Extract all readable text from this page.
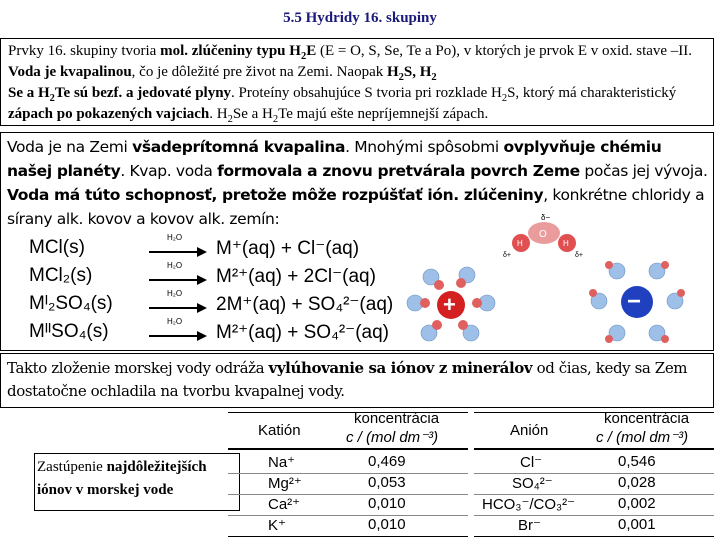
5.5 Hydridy 16. skupiny
Prvky 16. skupiny tvoria mol. zlúčeniny typu $H_2E$ (E = O, S, Se, Te a Po), v ktorých je prvok E v oxid. stave –II. Voda je kvapalinou, čo je dôležité pre život na Zemi. Naopak $H_2S$, $H_2$
Se a $H_2Te$ sú bezf. a jedovaté plyny. Proteíny obsahujúce S tvoria pri rozklade $H_2S$, ktorý má charakteristický zápach po pokazených vajciach. $H_2Se$ a $H_2Te$ majú ešte nepríjemnejší zápach.
Voda je na Zemi všadeprítomná kvapalina. Mnohými spôsobmi ovplyvňuje chémiu našej planéty. Kvap. voda formovala a znovu pretvárala povrch Zeme počas jej vývoja. Voda má túto schopnosť, pretože môže rozpúšťať ión. zlúčeniny, konkrétne chloridy a sírany alk. kovov a kovov alk. zemín:
MCl(s)	H₂O
M⁺(aq) + Cl⁻(aq)
MCl₂(s)	H₂O
M²⁺(aq) + 2Cl⁻(aq)
Mᴵ₂SO₄(s)	H₂O
2M⁺(aq) + SO₄²⁻(aq)
MᴵᴵSO₄(s)	H₂O
M²⁺(aq) + SO₄²⁻(aq)
δ−
O
H	H
δ+	δ+
+	−
Takto zloženie morskej vody odráža vylúhovanie sa iónov z minerálov od čias, kedy sa Zem dostatočne ochladila na tvorbu kvapalnej vody.
Zastúpenie najdôležitejších iónov v morskej vode
Katión
koncentrácia
c / (mol dm⁻³)
Na⁺	0,469
Mg²⁺	0,053
Ca²⁺	0,010
K⁺	0,010
Anión
koncentrácia
c / (mol dm⁻³)
Cl⁻	0,546
SO₄²⁻	0,028
HCO₃⁻/CO₃²⁻	0,002
Br⁻	0,001
